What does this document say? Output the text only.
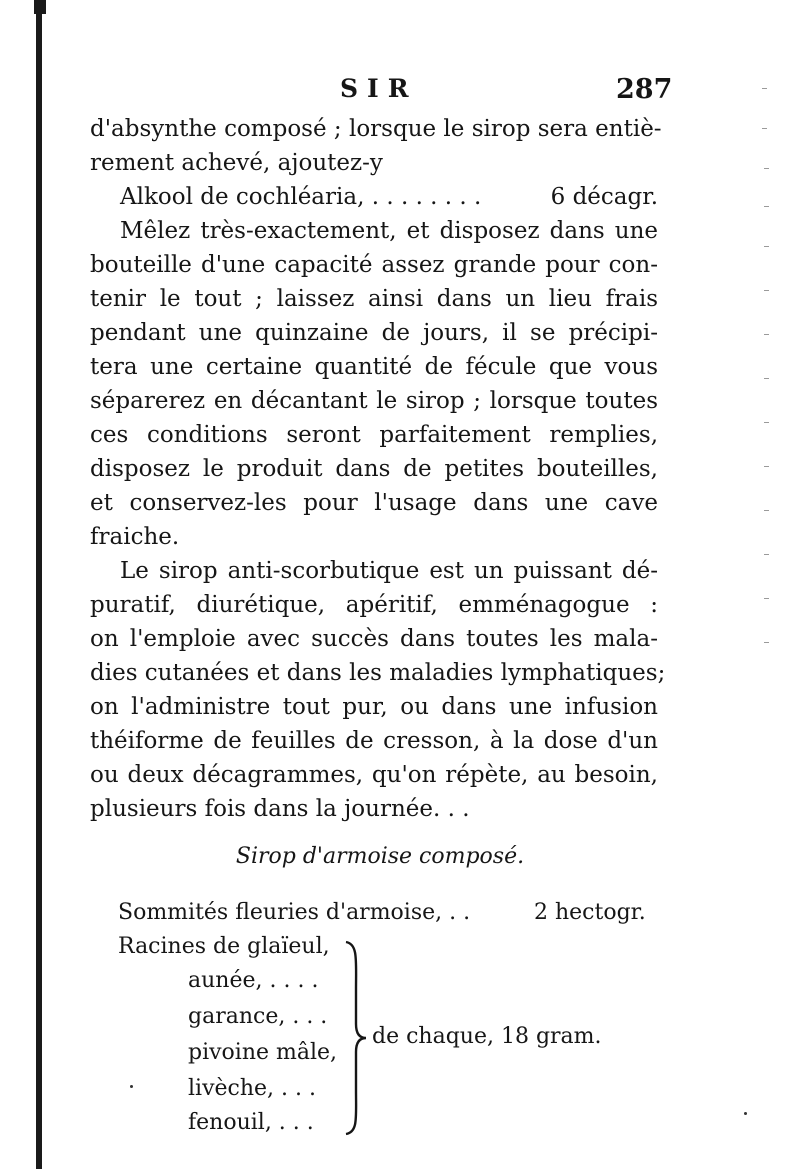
SIR	287
d'absynthe composé ; lorsque le sirop sera entiè-
rement achevé, ajoutez-y
Alkool de cochléaria, . . . . . . . .	6 décagr.
Mêlez très-exactement, et disposez dans une
bouteille d'une capacité assez grande pour con-
tenir le tout ; laissez ainsi dans un lieu frais
pendant une quinzaine de jours, il se précipi-
tera une certaine quantité de fécule que vous
séparerez en décantant le sirop ; lorsque toutes
ces conditions seront parfaitement remplies,
disposez le produit dans de petites bouteilles,
et conservez-les pour l'usage dans une cave
fraiche.
Le sirop anti-scorbutique est un puissant dé-
puratif, diurétique, apéritif, emménagogue :
on l'emploie avec succès dans toutes les mala-
dies cutanées et dans les maladies lymphatiques;
on l'administre tout pur, ou dans une infusion
théiforme de feuilles de cresson, à la dose d'un
ou deux décagrammes, qu'on répète, au besoin,
plusieurs fois dans la journée. . .
Sirop d'armoise composé.
Sommités fleuries d'armoise, . .	2 hectogr.
Racines de glaïeul,
aunée, . . . .
garance, . . .
pivoine mâle,
livèche, . . .
fenouil, . . .
de chaque, 18 gram.
